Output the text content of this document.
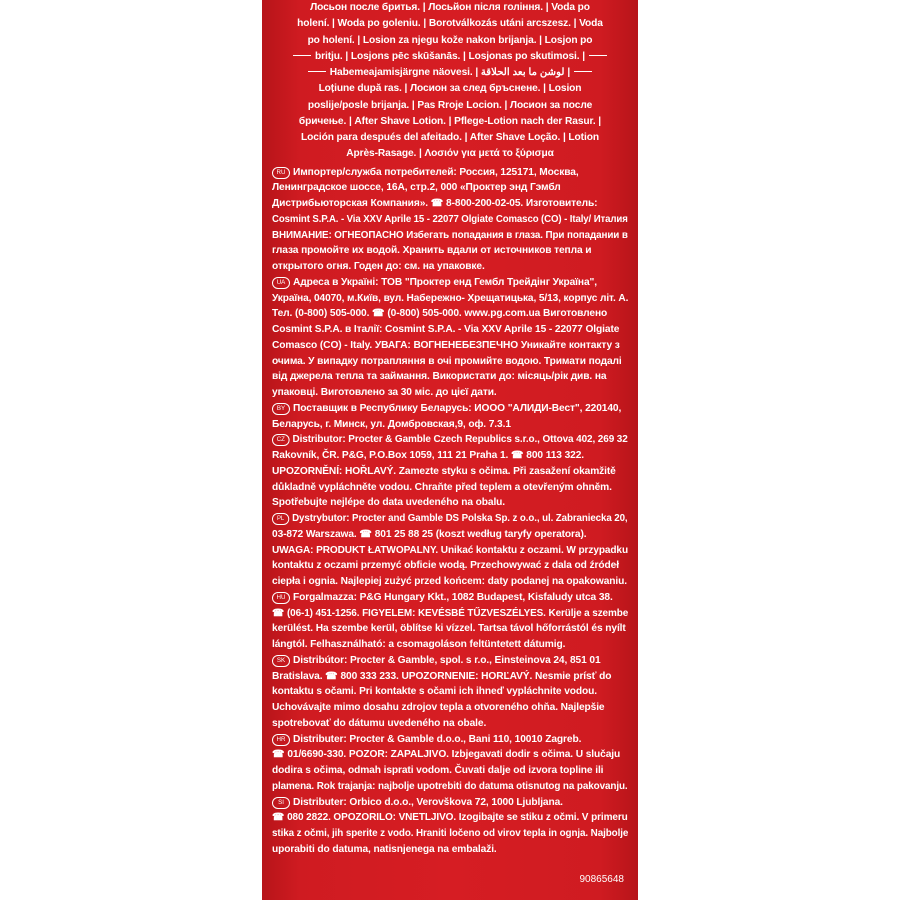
Лосьон после бритья. | Лосьйон після гоління. | Voda po
holení. | Woda po goleniu. | Borotválkozás utáni arcszesz. | Voda
po holení. | Losion za njegu kože nakon brijanja. | Losjon po
britju. | Losjons pēc skūšanās. | Losjonas po skutimosi. |
Habemeajamisjärgne näovesi. | لوشن ما بعد الحلاقة |
Loțiune după ras. | Лосион за след бръснене. | Losion
poslije/posle brijanja. | Pas Rroje Locion. | Лосион за после
бричење. | After Shave Lotion. | Pflege-Lotion nach der Rasur. |
Loción para después del afeitado. | After Shave Loção. | Lotion
Après-Rasage. | Λοσιόν για μετά το ξύρισμα
RU Импортер/служба потребителей: Россия, 125171, Москва,
Ленинградское шоссе, 16А, стр.2, 000 «Проктер энд Гэмбл
Дистрибьюторская Компания». ☎ 8-800-200-02-05. Изготовитель:
Cosmint S.P.A. - Via XXV Aprile 15 - 22077 Olgiate Comasco (CO) - Italy/ Италия
ВНИМАНИЕ: ОГНЕОПАСНО Избегать попадания в глаза. При попадании в
глаза промойте их водой. Хранить вдали от источников тепла и
открытого огня. Годен до: см. на упаковке.
UA Адреса в Україні: ТОВ "Проктер енд Гембл Трейдінг Україна",
Україна, 04070, м.Київ, вул. Набережно- Хрещатицька, 5/13, корпус літ. А.
Тел. (0-800) 505-000. ☎ (0-800) 505-000. www.pg.com.ua Виготовлено
Cosmint S.P.A. в Італії: Cosmint S.P.A. - Via XXV Aprile 15 - 22077 Olgiate
Comasco (CO) - Italy. УВАГА: ВОГНЕНЕБЕЗПЕЧНО Уникайте контакту з
очима. У випадку потрапляння в очі промийте водою. Тримати подалі
від джерела тепла та займання. Використати до: місяць/рік див. на
упаковці. Виготовлено за 30 міс. до цієї дати.
BY Поставщик в Республику Беларусь: ИООО "АЛИДИ-Вест", 220140,
Беларусь, г. Минск, ул. Домбровская,9, оф. 7.3.1
CZ Distributor: Procter & Gamble Czech Republics s.r.o., Ottova 402, 269 32
Rakovník, ČR. P&G, P.O.Box 1059, 111 21 Praha 1. ☎ 800 113 322.
UPOZORNĚNÍ: HOŘLAVÝ. Zamezte styku s očima. Při zasažení okamžitě
důkladně vypláchněte vodou. Chraňte před teplem a otevřeným ohněm.
Spotřebujte nejlépe do data uvedeného na obalu.
PL Dystrybutor: Procter and Gamble DS Polska Sp. z o.o., ul. Zabraniecka 20,
03-872 Warszawa. ☎ 801 25 88 25 (koszt według taryfy operatora).
UWAGA: PRODUKT ŁATWOPALNY. Unikać kontaktu z oczami. W przypadku
kontaktu z oczami przemyć obficie wodą. Przechowywać z dala od źródeł
ciepła i ognia. Najlepiej zużyć przed końcem: daty podanej na opakowaniu.
HU Forgalmazza: P&G Hungary Kkt., 1082 Budapest, Kisfaludy utca 38.
☎ (06-1) 451-1256. FIGYELEM: KEVÉSBÉ TŰZVESZÉLYES. Kerülje a szembe
kerülést. Ha szembe kerül, öblítse ki vízzel. Tartsa távol hőforrástól és nyílt
lángtól. Felhasználható: a csomagoláson feltüntetett dátumig.
SK Distribútor: Procter & Gamble, spol. s r.o., Einsteinova 24, 851 01
Bratislava. ☎ 800 333 233. UPOZORNENIE: HORĽAVÝ. Nesmie prísť do
kontaktu s očami. Pri kontakte s očami ich ihneď vypláchnite vodou.
Uchovávajte mimo dosahu zdrojov tepla a otvoreného ohňa. Najlepšie
spotrebovať do dátumu uvedeného na obale.
HR Distributer: Procter & Gamble d.o.o., Bani 110, 10010 Zagreb.
☎ 01/6690-330. POZOR: ZAPALJIVO. Izbjegavati dodir s očima. U slučaju
dodira s očima, odmah isprati vodom. Čuvati dalje od izvora topline ili
plamena. Rok trajanja: najbolje upotrebiti do datuma otisnutog na pakovanju.
SI Distributer: Orbico d.o.o., Verovškova 72, 1000 Ljubljana.
☎ 080 2822. OPOZORILO: VNETLJIVO. Izogibajte se stiku z očmi. V primeru
stika z očmi, jih sperite z vodo. Hraniti ločeno od virov tepla in ognja. Najbolje
uporabiti do datuma, natisnjenega na embalaži.
90865648
